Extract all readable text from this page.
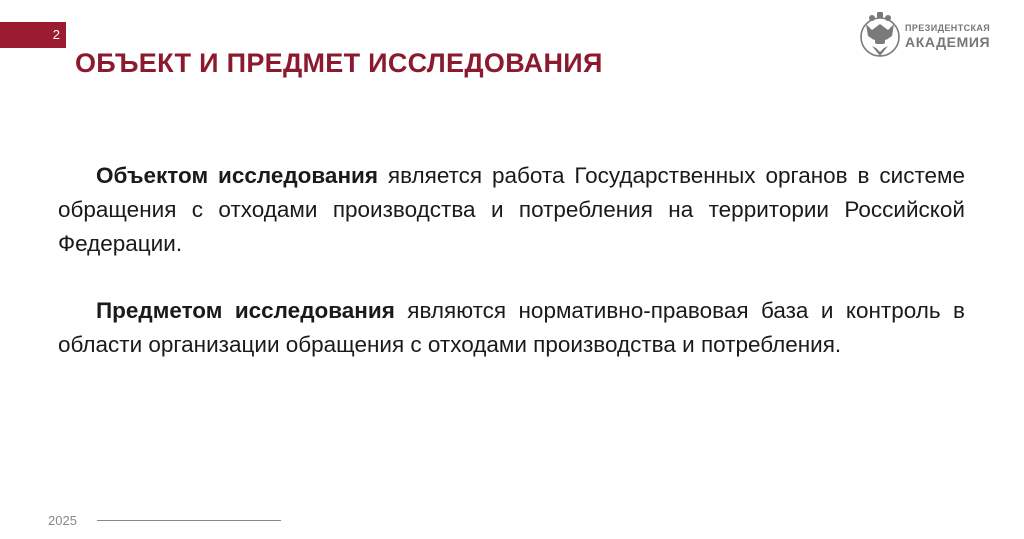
2
ОБЪЕКТ И ПРЕДМЕТ ИССЛЕДОВАНИЯ
ПРЕЗИДЕНТСКАЯ
АКАДЕМИЯ

Объектом исследования является работа Государственных органов в системе обращения с отходами производства и потребления на территории Российской Федерации.

Предметом исследования являются нормативно-правовая база и контроль в области организации обращения с отходами производства и потребления.

2025
